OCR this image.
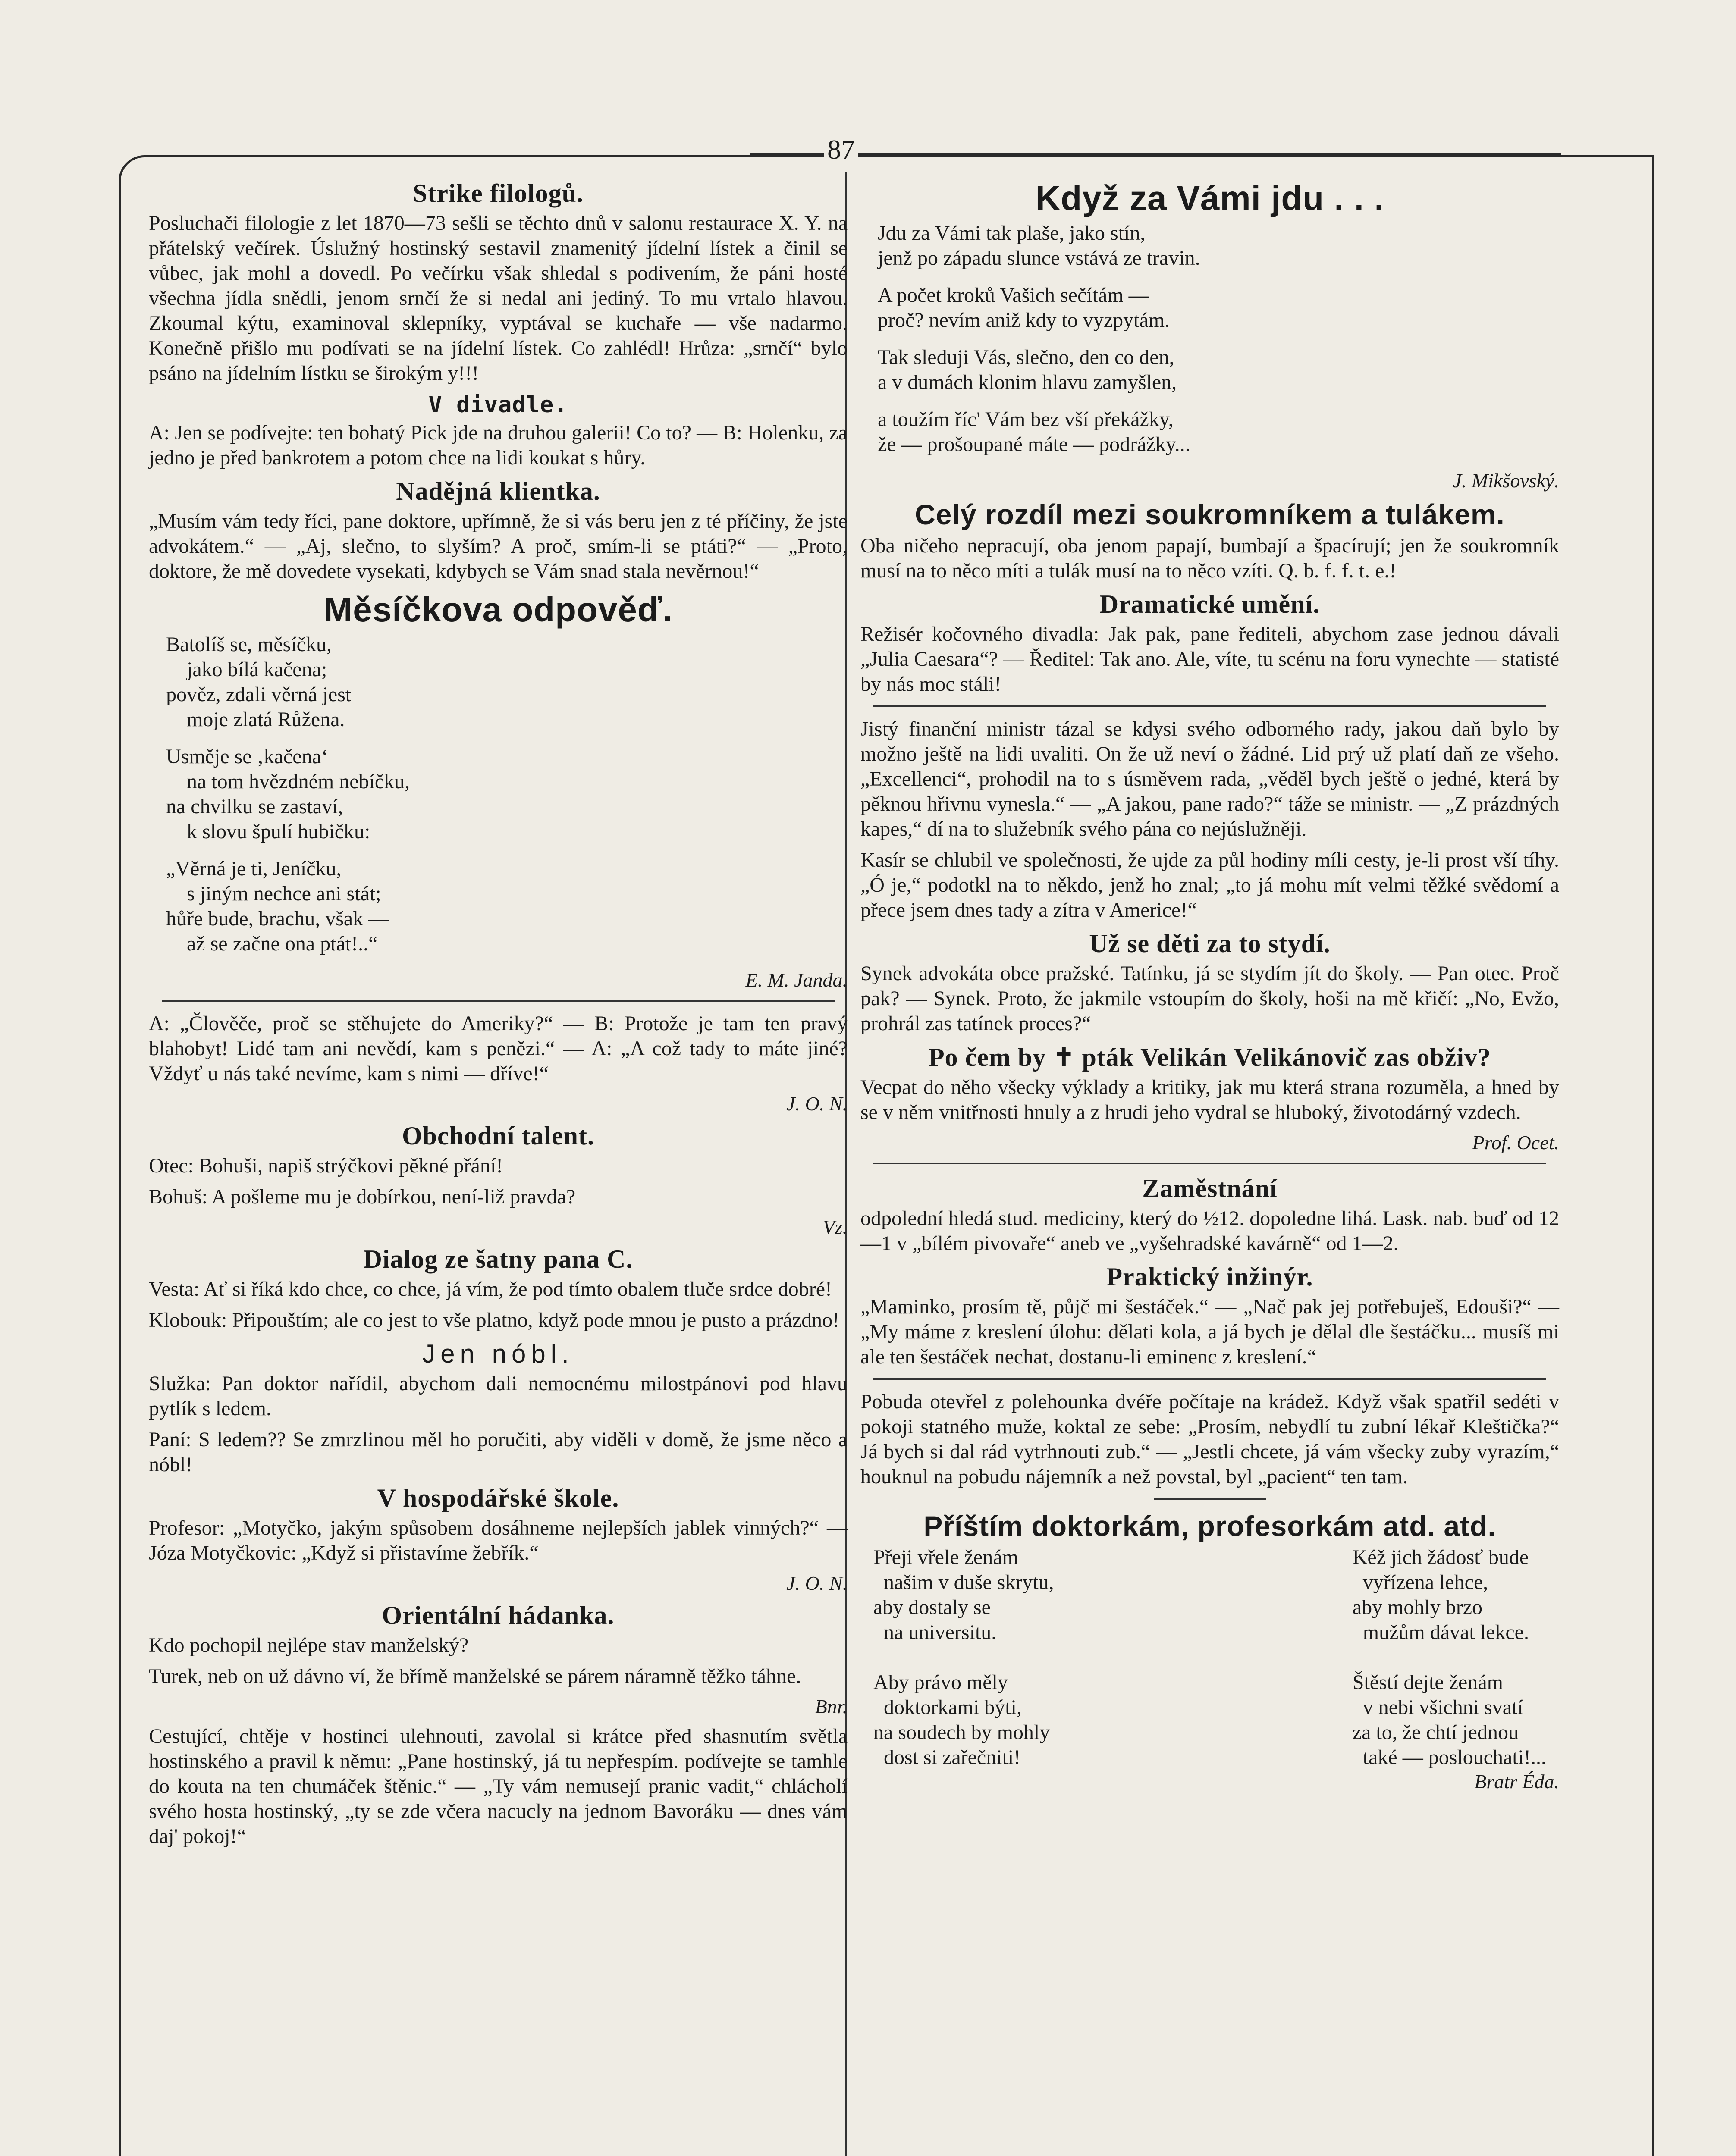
87
Strike filologů.

Posluchači filologie z let 1870—73 sešli se těchto dnů v salonu restaurace X. Y. na přátelský večírek. Úslužný hostinský sestavil znamenitý jídelní lístek a činil se vůbec, jak mohl a dovedl. Po večírku však shledal s podivením, že páni hosté všechna jídla snědli, jenom srnčí že si nedal ani jediný. To mu vrtalo hlavou. Zkoumal kýtu, examinoval sklepníky, vyptával se kuchaře — vše nadarmo. Konečně přišlo mu podívati se na jídelní lístek. Co zahlédl! Hrůza: „srnčí“ bylo psáno na jídelním lístku se širokým y!!!

V divadle.

A: Jen se podívejte: ten bohatý Pick jde na druhou galerii! Co to? — B: Holenku, za jedno je před bankrotem a potom chce na lidi koukat s hůry.

Nadějná klientka.

„Musím vám tedy říci, pane doktore, upřímně, že si vás beru jen z té příčiny, že jste advokátem.“ — „Aj, slečno, to slyším? A proč, smím-li se ptáti?“ — „Proto, doktore, že mě dovedete vysekati, kdybych se Vám snad stala nevěrnou!“

Měsíčkova odpověď.
Batolíš se, měsíčku,
jako bílá kačena;
pověz, zdali věrná jest
moje zlatá Růžena.
Usměje se ‚kačena‘
na tom hvězdném nebíčku,
na chvilku se zastaví,
k slovu špulí hubičku:
„Věrná je ti, Jeníčku,
s jiným nechce ani stát;
hůře bude, brachu, však —
až se začne ona ptát!..“
E. M. Janda.

A: „Člověče, proč se stěhujete do Ameriky?“ — B: Protože je tam ten pravý blahobyt! Lidé tam ani nevědí, kam s penězi.“ — A: „A což tady to máte jiné? Vždyť u nás také nevíme, kam s nimi — dříve!“

J. O. N.
Obchodní talent.

Otec: Bohuši, napiš strýčkovi pěkné přání!

Bohuš: A pošleme mu je dobírkou, není-liž pravda?

Vz.
Dialog ze šatny pana C.

Vesta: Ať si říká kdo chce, co chce, já vím, že pod tímto obalem tluče srdce dobré!

Klobouk: Připouštím; ale co jest to vše platno, když pode mnou je pusto a prázdno!

Jen nóbl.

Služka: Pan doktor nařídil, abychom dali nemocnému milostpánovi pod hlavu pytlík s ledem.

Paní: S ledem?? Se zmrzlinou měl ho poručiti, aby viděli v domě, že jsme něco a nóbl!

V hospodářské škole.

Profesor: „Motyčko, jakým spůsobem dosáhneme nejlepších jablek vinných?“ — Józa Motyčkovic: „Když si přistavíme žebřík.“

J. O. N.
Orientální hádanka.

Kdo pochopil nejlépe stav manželský?

Turek, neb on už dávno ví, že břímě manželské se párem náramně těžko táhne.

Bnr.

Cestující, chtěje v hostinci ulehnouti, zavolal si krátce před shasnutím světla hostinského a pravil k němu: „Pane hostinský, já tu nepřespím. podívejte se tamhle do kouta na ten chumáček štěnic.“ — „Ty vám nemusejí pranic vadit,“ chlácholí svého hosta hostinský, „ty se zde včera nacucly na jednom Bavoráku — dnes vám daj' pokoj!“

Když za Vámi jdu . . .
Jdu za Vámi tak plaše, jako stín,
jenž po západu slunce vstává ze travin.
A počet kroků Vašich sečítám —
proč? nevím aniž kdy to vyzpytám.
Tak sleduji Vás, slečno, den co den,
a v dumách klonim hlavu zamyšlen,
a toužím říc' Vám bez vší překážky,
že — prošoupané máte — podrážky...
J. Mikšovský.
Celý rozdíl mezi soukromníkem a tulákem.

Oba ničeho nepracují, oba jenom papají, bumbají a špacírují; jen že soukromník musí na to něco míti a tulák musí na to něco vzíti. Q. b. f. f. t. e.!

Dramatické umění.

Režisér kočovného divadla: Jak pak, pane řediteli, abychom zase jednou dávali „Julia Caesara“? — Ředitel: Tak ano. Ale, víte, tu scénu na foru vynechte — statisté by nás moc stáli!

Jistý finanční ministr tázal se kdysi svého odborného rady, jakou daň bylo by možno ještě na lidi uvaliti. On že už neví o žádné. Lid prý už platí daň ze všeho. „Excellenci“, prohodil na to s úsměvem rada, „věděl bych ještě o jedné, která by pěknou hřivnu vynesla.“ — „A jakou, pane rado?“ táže se ministr. — „Z prázdných kapes,“ dí na to služebník svého pána co nejúslužněji.

Kasír se chlubil ve společnosti, že ujde za půl hodiny míli cesty, je-li prost vší tíhy. „Ó je,“ podotkl na to někdo, jenž ho znal; „to já mohu mít velmi těžké svědomí a přece jsem dnes tady a zítra v Americe!“

Už se děti za to stydí.

Synek advokáta obce pražské. Tatínku, já se stydím jít do školy. — Pan otec. Proč pak? — Synek. Proto, že jakmile vstoupím do školy, hoši na mě křičí: „No, Evžo, prohrál zas tatínek proces?“

Po čem by ✝ pták Velikán Velikánovič zas obživ?

Vecpat do něho všecky výklady a kritiky, jak mu která strana rozuměla, a hned by se v něm vnitřnosti hnuly a z hrudi jeho vydral se hluboký, životodárný vzdech.

Prof. Ocet.
Zaměstnání

odpolední hledá stud. mediciny, který do ½12. dopoledne lihá. Lask. nab. buď od 12—1 v „bílém pivovaře“ aneb ve „vyšehradské kavárně“ od 1—2.

Praktický inžinýr.

„Maminko, prosím tě, půjč mi šestáček.“ — „Nač pak jej potřebuješ, Edouši?“ — „My máme z kreslení úlohu: dělati kola, a já bych je dělal dle šestáčku... musíš mi ale ten šestáček nechat, dostanu-li eminenc z kreslení.“

Pobuda otevřel z polehounka dvéře počítaje na krádež. Když však spatřil sedéti v pokoji statného muže, koktal ze sebe: „Prosím, nebydlí tu zubní lékař Kleštička?“ Já bych si dal rád vytrhnouti zub.“ — „Jestli chcete, já vám všecky zuby vyrazím,“ houknul na pobudu nájemník a než povstal, byl „pacient“ ten tam.

Příštím doktorkám, profesorkám atd. atd.
Přeji vřele ženám
našim v duše skrytu,
aby dostaly se
na universitu.

Aby právo měly
doktorkami býti,
na soudech by mohly
dost si zařečniti!
Kéž jich žádosť bude
vyřízena lehce,
aby mohly brzo
mužům dávat lekce.

Štěstí dejte ženám
v nebi všichni svatí
za to, že chtí jednou
také — poslouchati!...
Bratr Éda.
